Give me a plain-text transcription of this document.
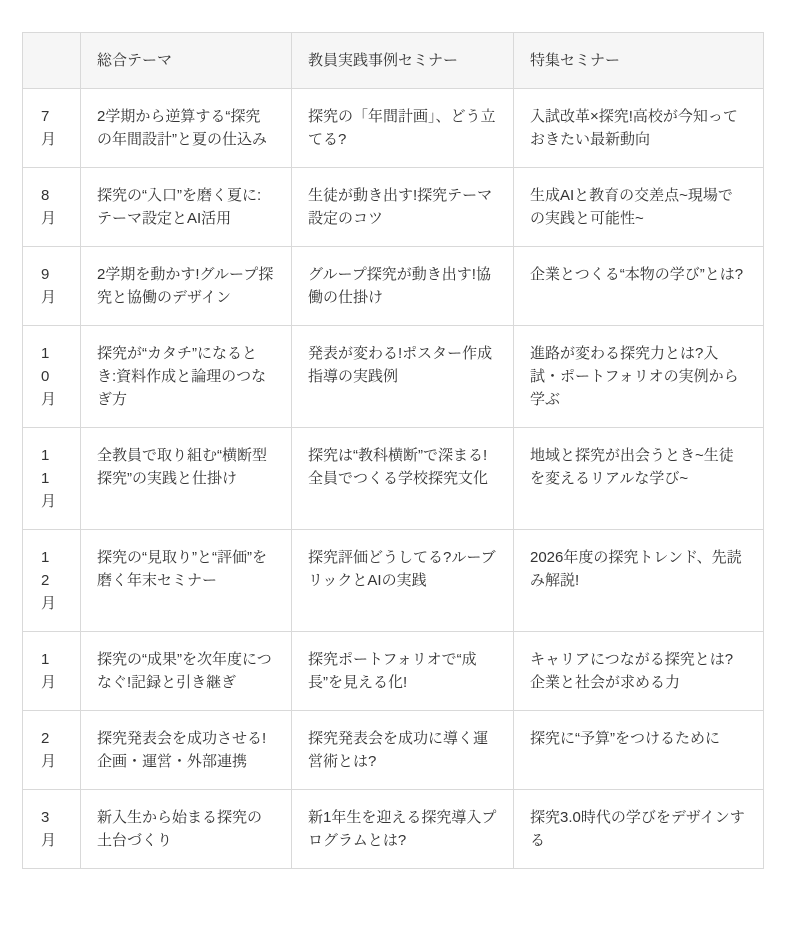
	総合テーマ	教員実践事例セミナー	特集セミナー
7月	2学期から逆算する“探究の年間設計”と夏の仕込み	探究の「年間計画」、どう立てる?	入試改革×探究!高校が今知っておきたい最新動向
8月	探究の“入口”を磨く夏に:テーマ設定とAI活用	生徒が動き出す!探究テーマ設定のコツ	生成AIと教育の交差点~現場での実践と可能性~
9月	2学期を動かす!グループ探究と協働のデザイン	グループ探究が動き出す!協働の仕掛け	企業とつくる“本物の学び”とは?
10月	探究が“カタチ”になるとき:資料作成と論理のつなぎ方	発表が変わる!ポスター作成指導の実践例	進路が変わる探究力とは?入試・ポートフォリオの実例から学ぶ
11月	全教員で取り組む“横断型探究”の実践と仕掛け	探究は“教科横断”で深まる!全員でつくる学校探究文化	地域と探究が出会うとき~生徒を変えるリアルな学び~
12月	探究の“見取り”と“評価”を磨く年末セミナー	探究評価どうしてる?ルーブリックとAIの実践	2026年度の探究トレンド、先読み解説!
1月	探究の“成果”を次年度につなぐ!記録と引き継ぎ	探究ポートフォリオで“成長”を見える化!	キャリアにつながる探究とは?企業と社会が求める力
2月	探究発表会を成功させる!企画・運営・外部連携	探究発表会を成功に導く運営術とは?	探究に“予算”をつけるために
3月	新入生から始まる探究の土台づくり	新1年生を迎える探究導入プログラムとは?	探究3.0時代の学びをデザインする
